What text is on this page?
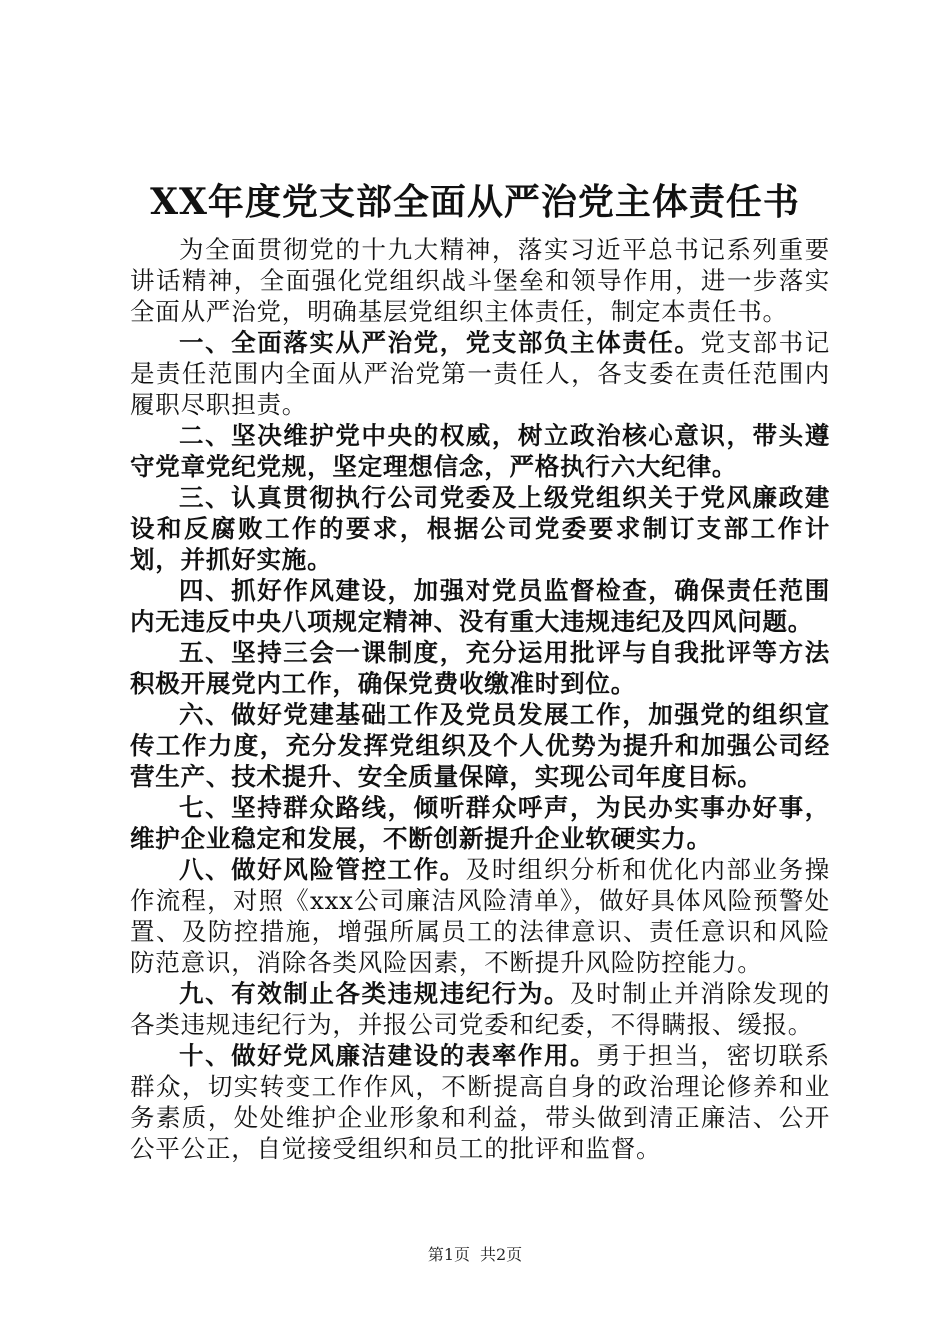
XX年度党支部全面从严治党主体责任书

为全面贯彻党的十九大精神，落实习近平总书记系列重要讲话精神，全面强化党组织战斗堡垒和领导作用，进一步落实全面从严治党，明确基层党组织主体责任，制定本责任书。

一、全面落实从严治党，党支部负主体责任。党支部书记是责任范围内全面从严治党第一责任人，各支委在责任范围内履职尽职担责。

二、坚决维护党中央的权威，树立政治核心意识，带头遵守党章党纪党规，坚定理想信念，严格执行六大纪律。

三、认真贯彻执行公司党委及上级党组织关于党风廉政建设和反腐败工作的要求，根据公司党委要求制订支部工作计划，并抓好实施。

四、抓好作风建设，加强对党员监督检查，确保责任范围内无违反中央八项规定精神、没有重大违规违纪及四风问题。

五、坚持三会一课制度，充分运用批评与自我批评等方法积极开展党内工作，确保党费收缴准时到位。

六、做好党建基础工作及党员发展工作，加强党的组织宣传工作力度，充分发挥党组织及个人优势为提升和加强公司经营生产、技术提升、安全质量保障，实现公司年度目标。

七、坚持群众路线，倾听群众呼声，为民办实事办好事，维护企业稳定和发展，不断创新提升企业软硬实力。

八、做好风险管控工作。及时组织分析和优化内部业务操作流程，对照《xxx公司廉洁风险清单》，做好具体风险预警处置、及防控措施，增强所属员工的法律意识、责任意识和风险防范意识，消除各类风险因素，不断提升风险防控能力。

九、有效制止各类违规违纪行为。及时制止并消除发现的各类违规违纪行为，并报公司党委和纪委，不得瞒报、缓报。

十、做好党风廉洁建设的表率作用。勇于担当，密切联系群众，切实转变工作作风，不断提高自身的政治理论修养和业务素质，处处维护企业形象和利益，带头做到清正廉洁、公开公平公正，自觉接受组织和员工的批评和监督。

第1页 共2页
